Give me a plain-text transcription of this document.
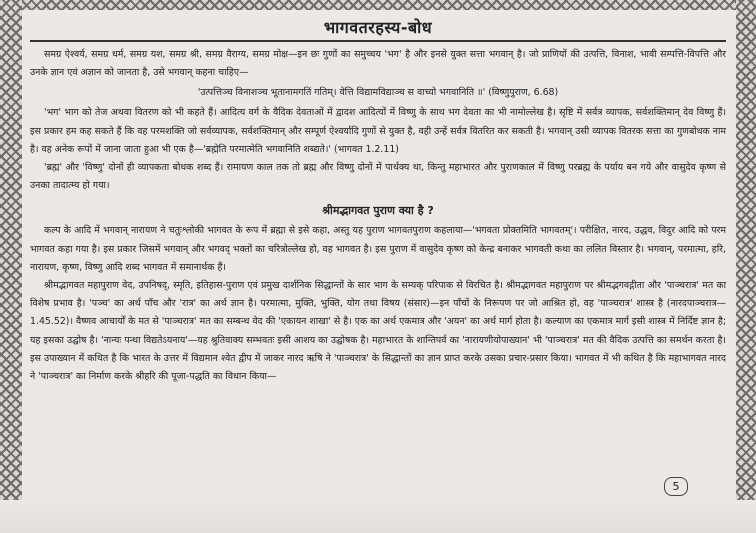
भागवतरहस्य-बोध

समग्र ऐश्वर्य, समग्र धर्म, समग्र यश, समग्र श्री, समग्र वैराग्य, समग्र मोक्ष—इन छः गुणों का समुच्चय 'भग' है और इनसे युक्त सत्ता भगवान् है। जो प्राणियों की उत्पत्ति, विनाश, भावी सम्पत्ति-विपत्ति और उनके ज्ञान एवं अज्ञान को जानता है, उसे भगवान् कहना चाहिए—

'उत्पत्तिञ्च विनाशञ्च भूतानामगतिं गतिम्। वेत्ति विद्यामविद्याञ्च स वाच्यो भगवानिति ॥' (विष्णुपुराण, 6.68)

'भग' भाग को तेज अथवा वितरण को भी कहते हैं। आदित्य वर्ग के वैदिक देवताओं में द्वादश आदित्यों में विष्णु के साथ भग देवता का भी नामोल्लेख है। सृष्टि में सर्वत्र व्यापक, सर्वशक्तिमान् देव विष्णु हैं। इस प्रकार हम कह सकते हैं कि वह परमशक्ति जो सर्वव्यापक, सर्वशक्तिमान् और सम्पूर्ण ऐश्वर्यादि गुणों से युक्त है, वही उन्हें सर्वत्र वितरित कर सकती है। भगवान् उसी व्यापक वितरक सत्ता का गुणबोधक नाम है। वह अनेक रूपों में जाना जाता हुआ भी एक है—'ब्रह्मेति परमात्मेति भगवानिति शब्द्यते।' (भागवत 1.2.11)

'ब्रह्म' और 'विष्णु' दोनों ही व्यापकता बोधक शब्द हैं। रामायण काल तक तो ब्रह्म और विष्णु दोनों में पार्थक्य था, किन्तु महाभारत और पुराणकाल में विष्णु परब्रह्म के पर्याय बन गये और वासुदेव कृष्ण से उनका तादात्म्य हो गया।

श्रीमद्भागवत पुराण क्या है ?

कल्प के आदि में भगवान् नारायण ने चतुःश्लोकी भागवत के रूप में ब्रह्मा से इसे कहा, अस्तु यह पुराण भागवतपुराण कहलाया—'भगवता प्रोक्तमिति भागवतम्'। परीक्षित, नारद, उद्धव, विदुर आदि को परम भागवत कहा गया है। इस प्रकार जिसमें भगवान् और भगवद् भक्तों का चरित्रोल्लेख हो, वह भागवत है। इस पुराण में वासुदेव कृष्ण को केन्द्र बनाकर भागवती कथा का ललित विस्तार है। भगवान्, परमात्मा, हरि, नारायण, कृष्ण, विष्णु आदि शब्द भागवत में समानार्थक हैं।

श्रीमद्भागवत महापुराण वेद, उपनिषद्, स्मृति, इतिहास-पुराण एवं प्रमुख दार्शनिक सिद्धान्तों के सार भाग के सम्यक् परिपाक से विरचित है। श्रीमद्भागवत महापुराण पर श्रीमद्भगवद्गीता और 'पाञ्चरात्र' मत का विशेष प्रभाव है। 'पञ्च' का अर्थ पाँच और 'रात्र' का अर्थ ज्ञान है। परमात्मा, मुक्ति, भुक्ति, योग तथा विषय (संसार)—इन पाँचों के निरूपण पर जो आश्रित हो, वह 'पाञ्चरात्र' शास्त्र है (नारदपाञ्चरात्र—1.45.52)। वैष्णव आचार्यों के मत से 'पाञ्चरात्र' मत का सम्बन्ध वेद की 'एकायन शाखा' से है। एक का अर्थ एकमात्र और 'अयन' का अर्थ मार्ग होता है। कल्याण का एकमात्र मार्ग इसी शास्त्र में निर्दिष्ट ज्ञान है; यह इसका उद्घोष है। 'नान्यः पन्था विद्यतेऽयनाय'—यह श्रुतिवाक्य सम्भवतः इसी आशय का उद्घोषक है। महाभारत के शान्तिपर्व का 'नारायणीयोपाख्यान' भी 'पाञ्चरात्र' मत की वैदिक उत्पत्ति का समर्थन करता है। इस उपाख्यान में कथित है कि भारत के उत्तर में विद्यमान श्वेत द्वीप में जाकर नारद ऋषि ने 'पाञ्चरात्र' के सिद्धान्तों का ज्ञान प्राप्त करके उसका प्रचार-प्रसार किया। भागवत में भी कथित है कि महाभागवत नारद ने 'पाञ्चरात्र' का निर्माण करके श्रीहरि की पूजा-पद्धति का विधान किया—

5
